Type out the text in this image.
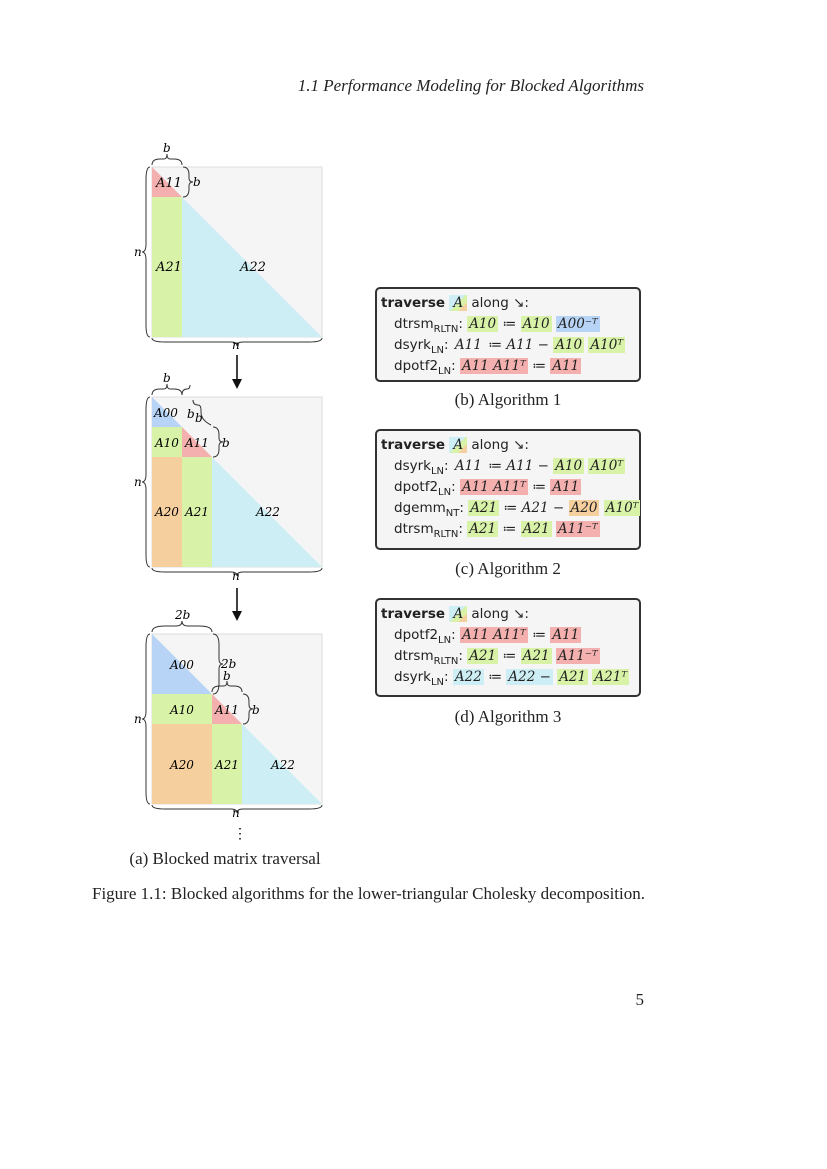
1.1 Performance Modeling for Blocked Algorithms
A11
A21	A22
b
b
n
n
A00
A10 A11
A20 A21	A22
b
b b
b
n
n
A00
A10 A11
A20 A21	A22
2b
2b
b
b
n
n
⋮
(a) Blocked matrix traversal
traverse A along ↘:
dtrsm$_{RLTN}$: A10 ≔ A10 A00⁻ᵀ
dsyrk$_{LN}$: A11 ≔ A11 − A10 A10ᵀ
$dpotf2_{LN}$: A11 A11ᵀ ≔ A11
(b) Algorithm 1
traverse A along ↘:
dsyrk$_{LN}$: A11 ≔ A11 − A10 A10ᵀ
$dpotf2_{LN}$: A11 A11ᵀ ≔ A11
dgemm$_{NT}$: A21 ≔ A21 − A20 A10ᵀ
dtrsm$_{RLTN}$: A21 ≔ A21 A11⁻ᵀ
(c) Algorithm 2
traverse A along ↘:
$dpotf2_{LN}$: A11 A11ᵀ ≔ A11
dtrsm$_{RLTN}$: A21 ≔ A21 A11⁻ᵀ
dsyrk$_{LN}$: A22 ≔ A22 − A21 A21ᵀ
(d) Algorithm 3
Figure 1.1: Blocked algorithms for the lower-triangular Cholesky decomposition.
5
